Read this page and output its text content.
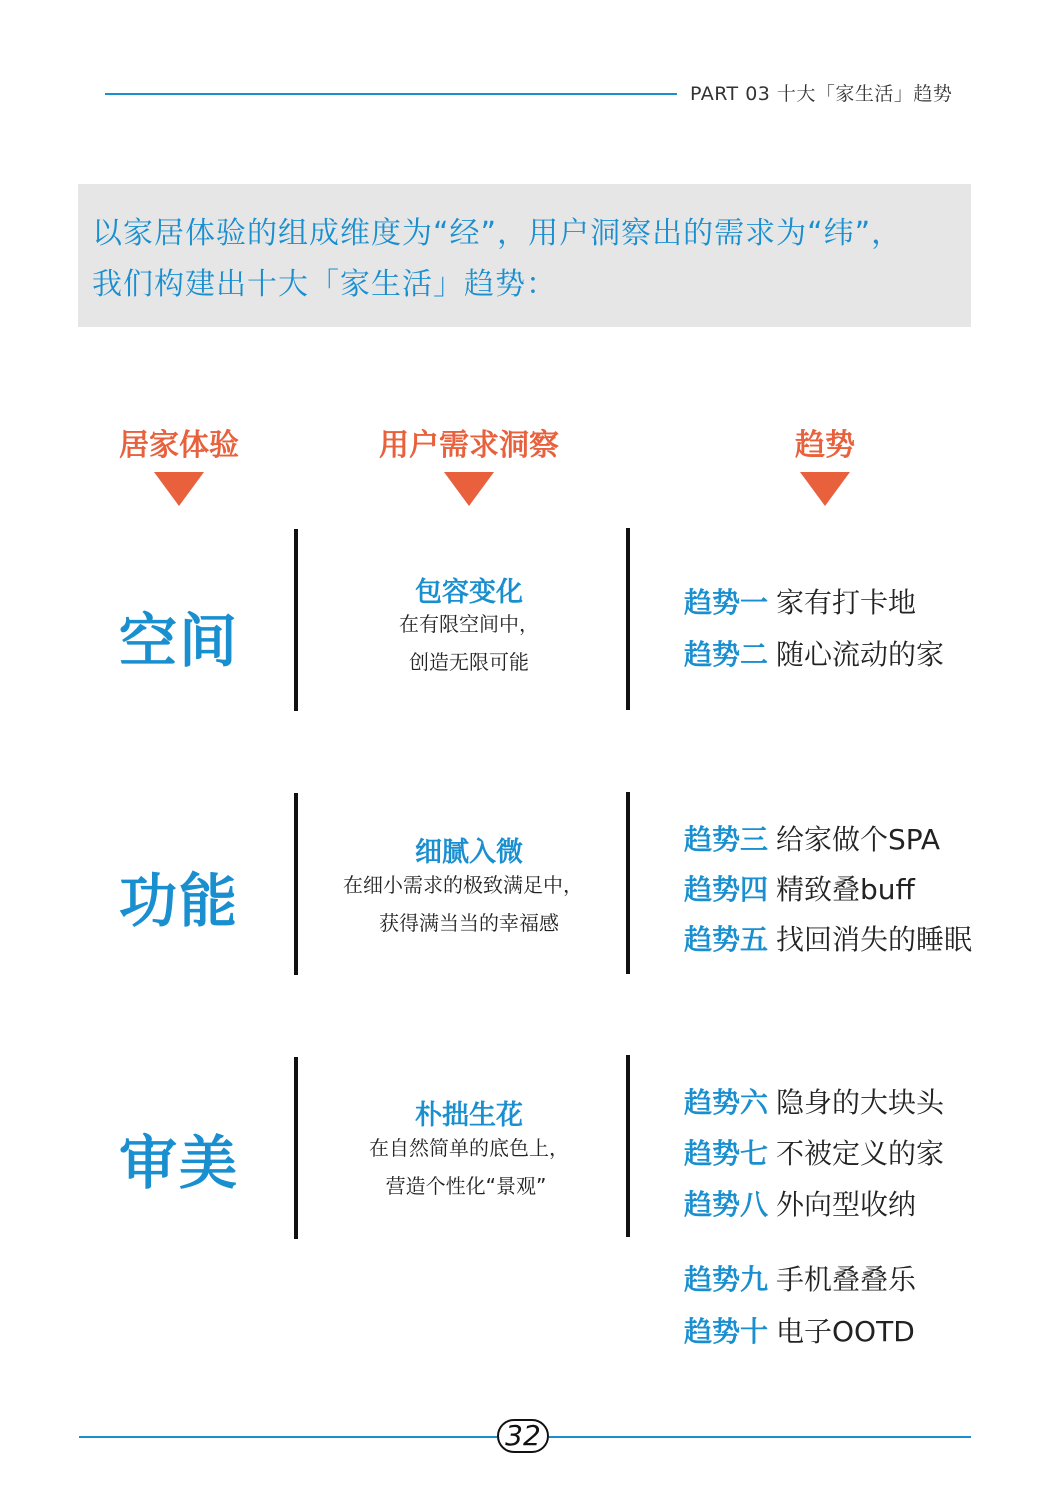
PART 03 十大「家生活」趋势
以家居体验的组成维度为“经”，用户洞察出的需求为“纬”，
我们构建出十大「家生活」趋势：
居家体验	用户需求洞察	趋势
空间
包容变化
在有限空间中，
创造无限可能
趋势一 家有打卡地
趋势二 随心流动的家
功能
细腻入微
在细小需求的极致满足中，
获得满当当的幸福感
趋势三 给家做个SPA
趋势四 精致叠buff
趋势五 找回消失的睡眠
审美
朴拙生花
在自然简单的底色上，
营造个性化“景观”
趋势六 隐身的大块头
趋势七 不被定义的家
趋势八 外向型收纳
趋势九 手机叠叠乐
趋势十 电子OOTD
32
